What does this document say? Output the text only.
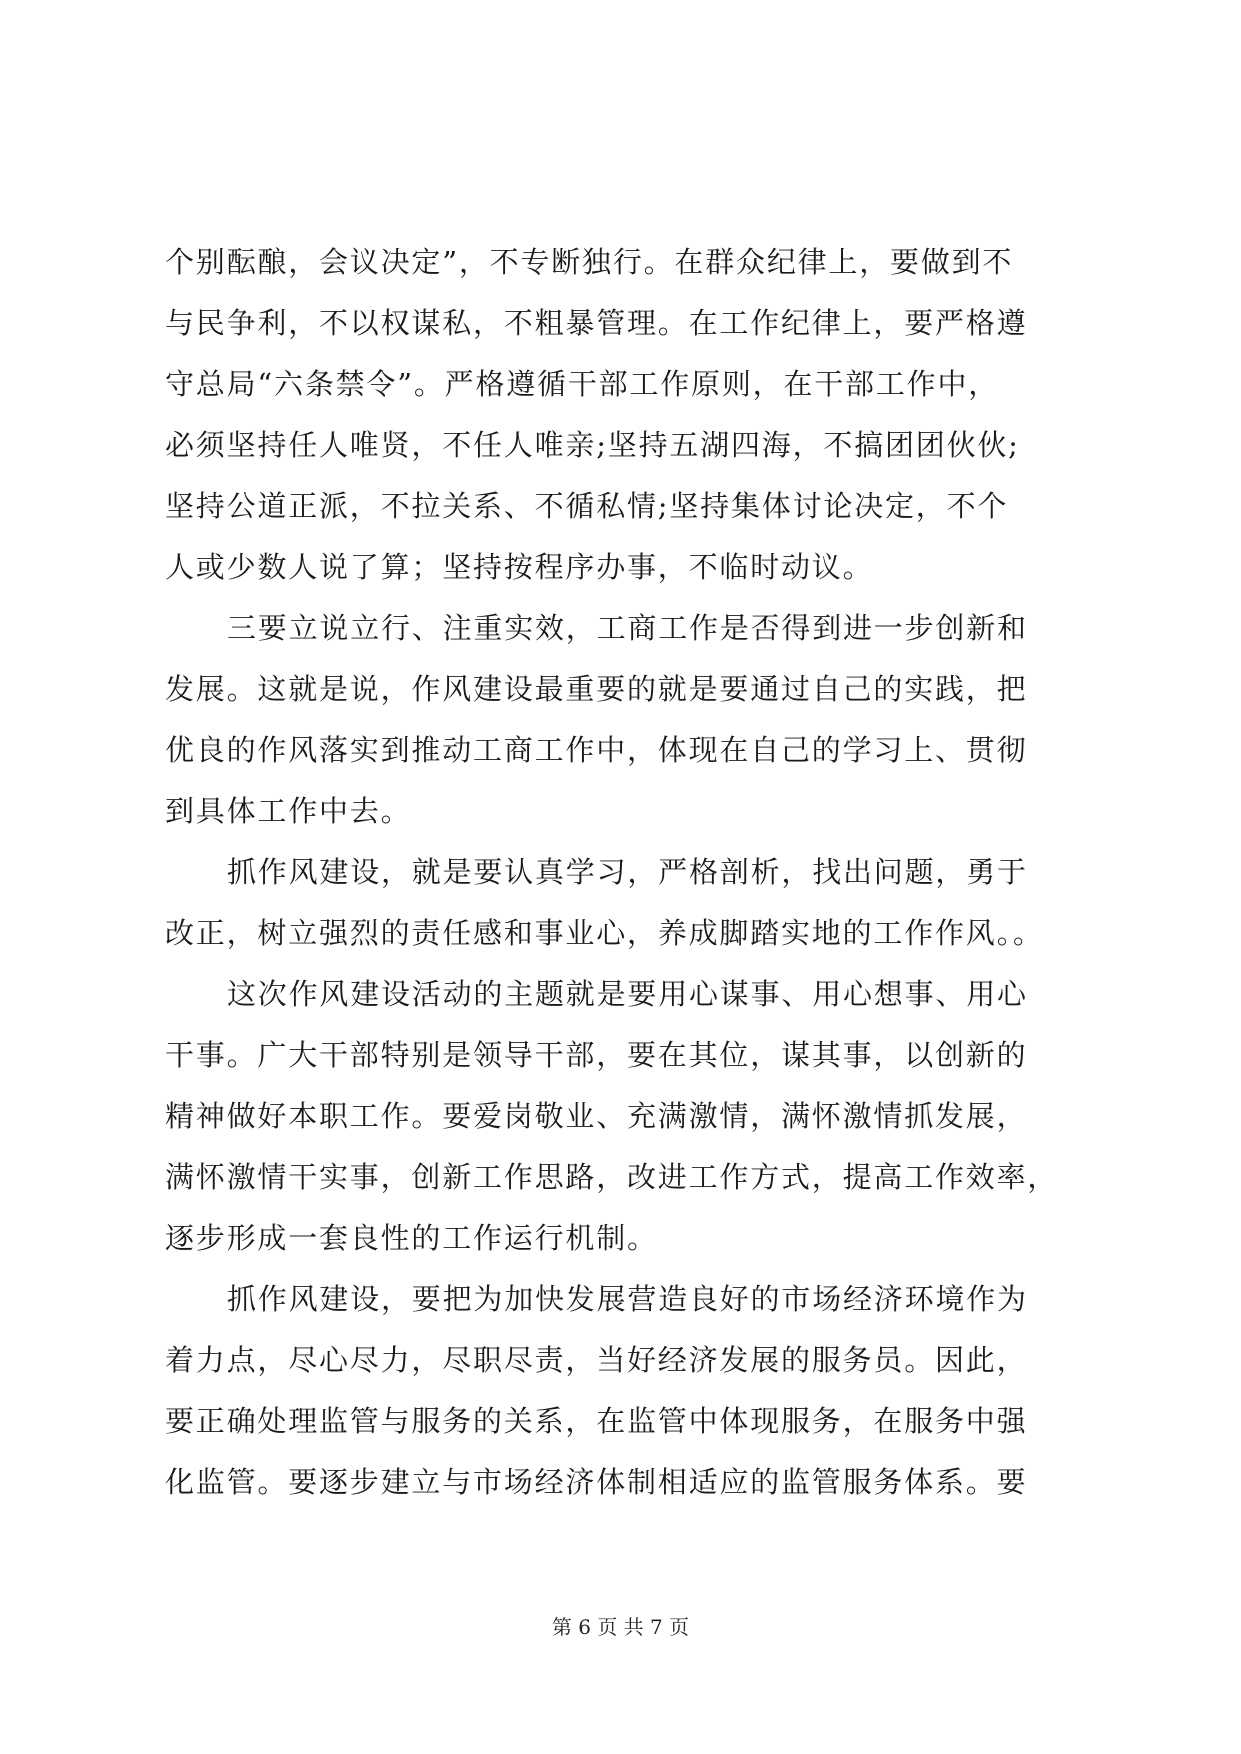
个别酝酿，会议决定”，不专断独行。在群众纪律上，要做到不
与民争利，不以权谋私，不粗暴管理。在工作纪律上，要严格遵
守总局“六条禁令”。严格遵循干部工作原则，在干部工作中，
必须坚持任人唯贤，不任人唯亲;坚持五湖四海，不搞团团伙伙;
坚持公道正派，不拉关系、不循私情;坚持集体讨论决定，不个
人或少数人说了算；坚持按程序办事，不临时动议。
三要立说立行、注重实效，工商工作是否得到进一步创新和
发展。这就是说，作风建设最重要的就是要通过自己的实践，把
优良的作风落实到推动工商工作中，体现在自己的学习上、贯彻
到具体工作中去。
抓作风建设，就是要认真学习，严格剖析，找出问题，勇于
改正，树立强烈的责任感和事业心，养成脚踏实地的工作作风。。
这次作风建设活动的主题就是要用心谋事、用心想事、用心
干事。广大干部特别是领导干部，要在其位，谋其事，以创新的
精神做好本职工作。要爱岗敬业、充满激情，满怀激情抓发展，
满怀激情干实事，创新工作思路，改进工作方式，提高工作效率，
逐步形成一套良性的工作运行机制。
抓作风建设，要把为加快发展营造良好的市场经济环境作为
着力点，尽心尽力，尽职尽责，当好经济发展的服务员。因此，
要正确处理监管与服务的关系，在监管中体现服务，在服务中强
化监管。要逐步建立与市场经济体制相适应的监管服务体系。要
第 6 页 共 7 页
